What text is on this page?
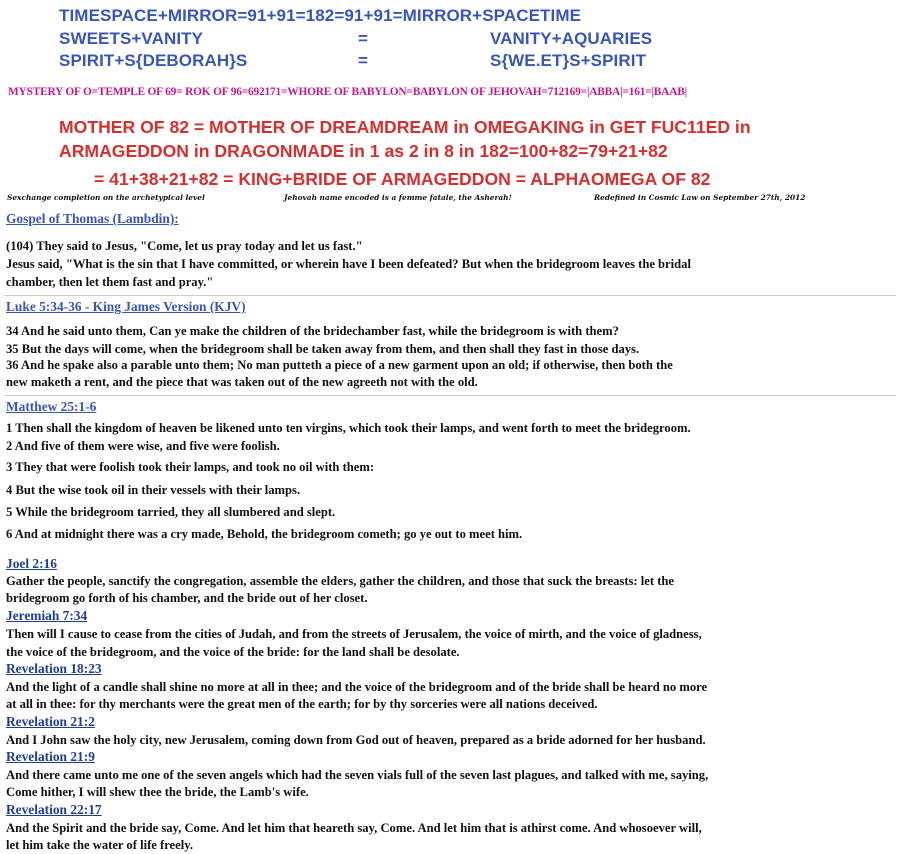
TIMESPACE+MIRROR=91+91=182=91+91=MIRROR+SPACETIME
SWEETS+VANITY	=	VANITY+AQUARIES
SPIRIT+S{DEBORAH}S	=	S{WE.ET}S+SPIRIT
MYSTERY OF O=TEMPLE OF 69= ROK OF 96=692171=WHORE OF BABYLON=BABYLON OF JEHOVAH=712169=|ABBA|=161=|BAAB|
MOTHER OF 82 = MOTHER OF DREAMDREAM in OMEGAKING in GET FUC11ED in
ARMAGEDDON in DRAGONMADE in 1 as 2 in 8 in 182=100+82=79+21+82
= 41+38+21+82 = KING+BRIDE OF ARMAGEDDON = ALPHAOMEGA OF 82
Sexchange completion on the archetypical level	Jehovah name encoded is a femme fatale, the Asherah!	Redefined in Cosmic Law on September 27th, 2012
Gospel of Thomas (Lambdin):
(104) They said to Jesus, "Come, let us pray today and let us fast."
Jesus said, "What is the sin that I have committed, or wherein have I been defeated? But when the bridegroom leaves the bridal
chamber, then let them fast and pray."
Luke 5:34-36 - King James Version (KJV)
34 And he said unto them, Can ye make the children of the bridechamber fast, while the bridegroom is with them?
35 But the days will come, when the bridegroom shall be taken away from them, and then shall they fast in those days.
36 And he spake also a parable unto them; No man putteth a piece of a new garment upon an old; if otherwise, then both the
new maketh a rent, and the piece that was taken out of the new agreeth not with the old.
Matthew 25:1-6
1 Then shall the kingdom of heaven be likened unto ten virgins, which took their lamps, and went forth to meet the bridegroom.
2 And five of them were wise, and five were foolish.
3 They that were foolish took their lamps, and took no oil with them:
4 But the wise took oil in their vessels with their lamps.
5 While the bridegroom tarried, they all slumbered and slept.
6 And at midnight there was a cry made, Behold, the bridegroom cometh; go ye out to meet him.
Joel 2:16
Gather the people, sanctify the congregation, assemble the elders, gather the children, and those that suck the breasts: let the
bridegroom go forth of his chamber, and the bride out of her closet.
Jeremiah 7:34
Then will I cause to cease from the cities of Judah, and from the streets of Jerusalem, the voice of mirth, and the voice of gladness,
the voice of the bridegroom, and the voice of the bride: for the land shall be desolate.
Revelation 18:23
And the light of a candle shall shine no more at all in thee; and the voice of the bridegroom and of the bride shall be heard no more
at all in thee: for thy merchants were the great men of the earth; for by thy sorceries were all nations deceived.
Revelation 21:2
And I John saw the holy city, new Jerusalem, coming down from God out of heaven, prepared as a bride adorned for her husband.
Revelation 21:9
And there came unto me one of the seven angels which had the seven vials full of the seven last plagues, and talked with me, saying,
Come hither, I will shew thee the bride, the Lamb's wife.
Revelation 22:17
And the Spirit and the bride say, Come. And let him that heareth say, Come. And let him that is athirst come. And whosoever will,
let him take the water of life freely.
